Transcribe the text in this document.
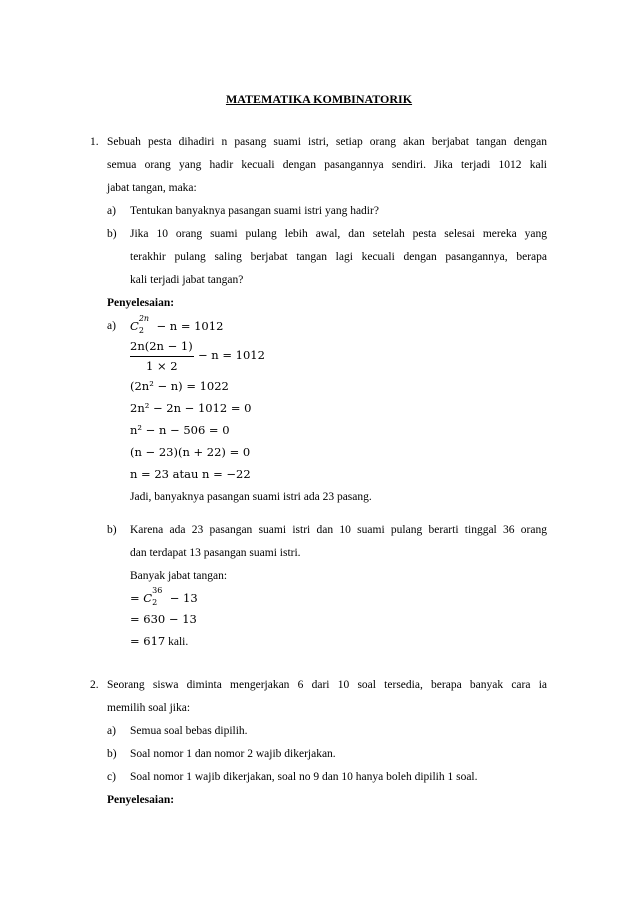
MATEMATIKA KOMBINATORIK
1. Sebuah pesta dihadiri n pasang suami istri, setiap orang akan berjabat tangan dengan
semua orang yang hadir kecuali dengan pasangannya sendiri. Jika terjadi 1012 kali
jabat tangan, maka:
a) Tentukan banyaknya pasangan suami istri yang hadir?
b) Jika 10 orang suami pulang lebih awal, dan setelah pesta selesai mereka yang
terakhir pulang saling berjabat tangan lagi kecuali dengan pasangannya, berapa
kali terjadi jabat tangan?
Penyelesaian:
a) C
2n
2 − n = 1012
2n(2n − 1)
1 × 2
− n = 1012
(2n² − n) = 1022
2n² − 2n − 1012 = 0
n² − n − 506 = 0
(n − 23)(n + 22) = 0
n = 23 atau n = −22
Jadi, banyaknya pasangan suami istri ada 23 pasang.
b) Karena ada 23 pasangan suami istri dan 10 suami pulang berarti tinggal 36 orang
dan terdapat 13 pasangan suami istri.
Banyak jabat tangan:
= C
36
2 − 13
= 630 − 13
= 617 kali.
2. Seorang siswa diminta mengerjakan 6 dari 10 soal tersedia, berapa banyak cara ia
memilih soal jika:
a) Semua soal bebas dipilih.
b) Soal nomor 1 dan nomor 2 wajib dikerjakan.
c) Soal nomor 1 wajib dikerjakan, soal no 9 dan 10 hanya boleh dipilih 1 soal.
Penyelesaian:
